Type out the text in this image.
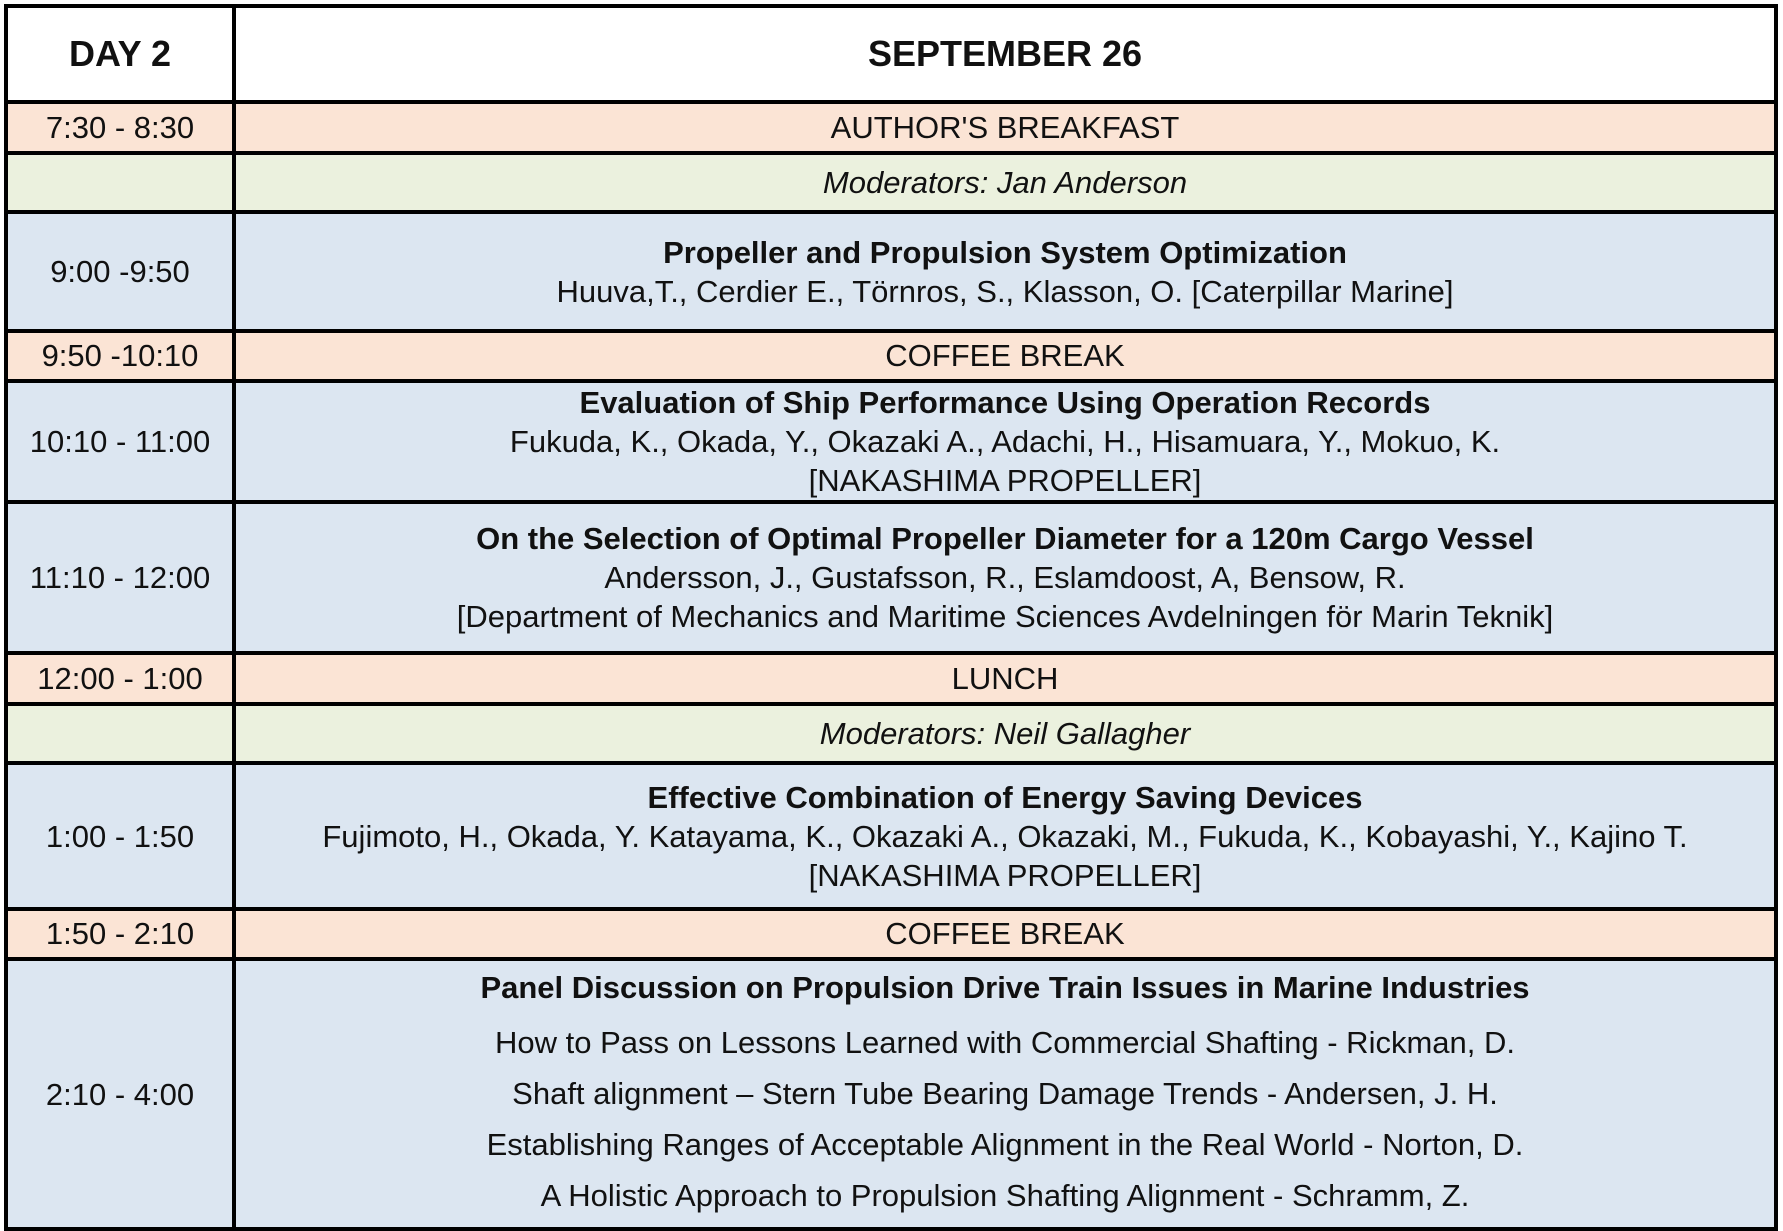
DAY 2	SEPTEMBER 26
7:30 - 8:30	AUTHOR'S BREAKFAST
	Moderators: Jan Anderson
9:00 -9:50	Propeller and Propulsion System Optimization
Huuva,T., Cerdier E., Törnros, S., Klasson, O. [Caterpillar Marine]

9:50 -10:10	COFFEE BREAK
10:10 - 11:00	Evaluation of Ship Performance Using Operation Records
Fukuda, K., Okada, Y., Okazaki A., Adachi, H., Hisamuara, Y., Mokuo, K.
[NAKASHIMA PROPELLER]

11:10 - 12:00	On the Selection of Optimal Propeller Diameter for a 120m Cargo Vessel
Andersson, J., Gustafsson, R., Eslamdoost, A, Bensow, R.
[Department of Mechanics and Maritime Sciences Avdelningen för Marin Teknik]

12:00 - 1:00	LUNCH
	Moderators: Neil Gallagher
1:00 - 1:50	Effective Combination of Energy Saving Devices
Fujimoto, H., Okada, Y. Katayama, K., Okazaki A., Okazaki, M., Fukuda, K., Kobayashi, Y., Kajino T.
[NAKASHIMA PROPELLER]

1:50 - 2:10	COFFEE BREAK
2:10 - 4:00	Panel Discussion on Propulsion Drive Train Issues in Marine Industries
How to Pass on Lessons Learned with Commercial Shafting - Rickman, D.
Shaft alignment – Stern Tube Bearing Damage Trends - Andersen, J. H.
Establishing Ranges of Acceptable Alignment in the Real World - Norton, D.
A Holistic Approach to Propulsion Shafting Alignment - Schramm, Z.
